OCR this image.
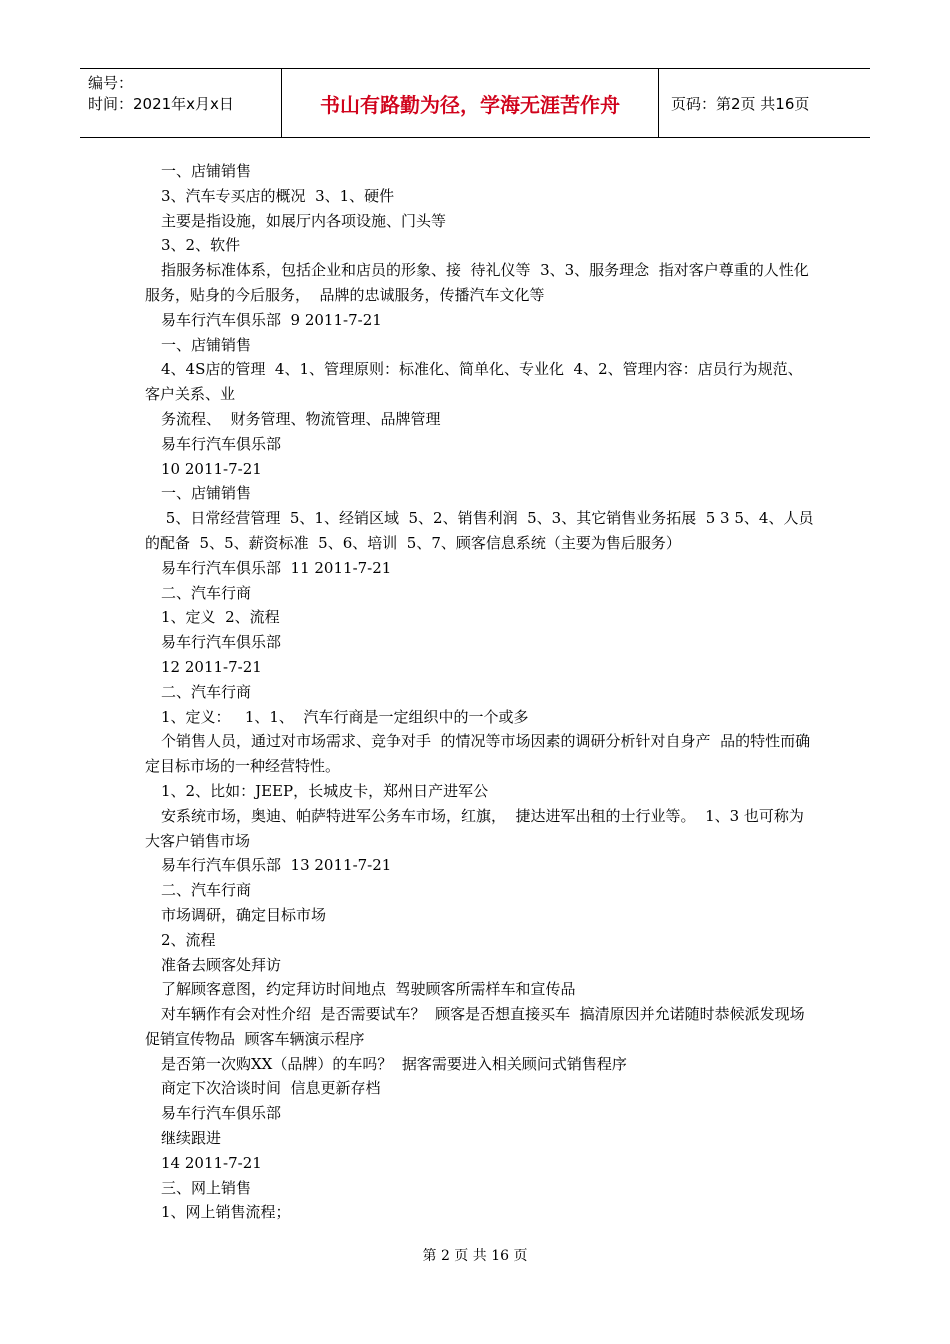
编号：
时间：2021年x月x日	书山有路勤为径，学海无涯苦作舟	页码：第2页 共16页

一、店铺销售

3、汽车专买店的概况  3、1、硬件

主要是指设施，如展厅内各项设施、门头等

3、2、软件

指服务标准体系，包括企业和店员的形象、接  待礼仪等  3、3、服务理念  指对客户尊重的人性化服务，贴身的今后服务，  品牌的忠诚服务，传播汽车文化等

易车行汽车俱乐部  9 2011-7-21

一、店铺销售

4、4S店的管理  4、1、管理原则：标准化、简单化、专业化  4、2、管理内容：店员行为规范、客户关系、业

务流程、  财务管理、物流管理、品牌管理

易车行汽车俱乐部

10 2011-7-21

一、店铺销售

5、日常经营管理  5、1、经销区域  5、2、销售利润  5、3、其它销售业务拓展  5 3 5、4、人员的配备  5、5、薪资标准  5、6、培训  5、7、顾客信息系统（主要为售后服务）

易车行汽车俱乐部  11 2011-7-21

二、汽车行商

1、定义  2、流程

易车行汽车俱乐部

12 2011-7-21

二、汽车行商

1、定义：   1、1、  汽车行商是一定组织中的一个或多

个销售人员，通过对市场需求、竞争对手  的情况等市场因素的调研分析针对自身产  品的特性而确定目标市场的一种经营特性。

1、2、比如：JEEP，长城皮卡，郑州日产进军公

安系统市场，奥迪、帕萨特进军公务车市场，红旗，  捷达进军出租的士行业等。  1、3 也可称为大客户销售市场

易车行汽车俱乐部  13 2011-7-21

二、汽车行商

市场调研，确定目标市场

2、流程

准备去顾客处拜访

了解顾客意图，约定拜访时间地点  驾驶顾客所需样车和宣传品

对车辆作有会对性介绍  是否需要试车？  顾客是否想直接买车  搞清原因并允诺随时恭候派发现场促销宣传物品  顾客车辆演示程序

是否第一次购XX（品牌）的车吗？  据客需要进入相关顾问式销售程序

商定下次洽谈时间  信息更新存档

易车行汽车俱乐部

继续跟进

14 2011-7-21

三、网上销售

1、网上销售流程；

第 2 页 共 16 页
